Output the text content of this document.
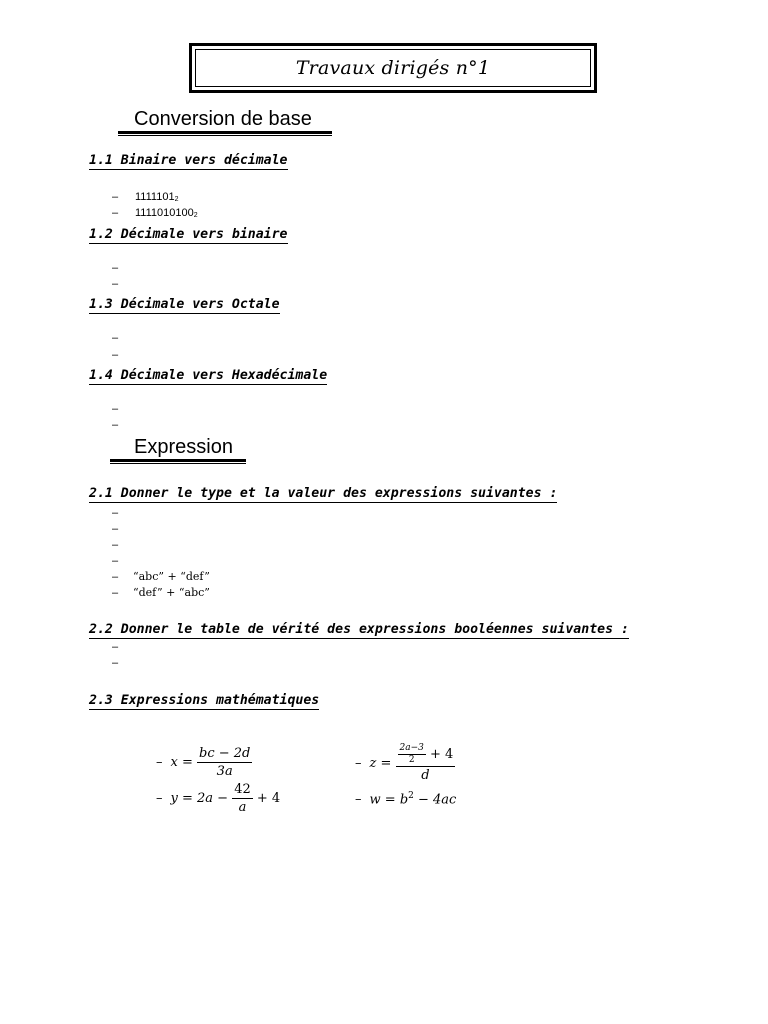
Travaux dirigés n°1
Conversion de base
1.1 Binaire vers décimale
– $1111101_2$
– $1111010100_2$
1.2 Décimale vers binaire
–
–
1.3 Décimale vers Octale
–
–
1.4 Décimale vers Hexadécimale
–
–
Expression
2.1 Donner le type et la valeur des expressions suivantes :
–
–
–
–
– “abc” + “def”
– “def” + “abc”
2.2 Donner le table de vérité des expressions booléennes suivantes :
–
–
2.3 Expressions mathématiques
– $x = \frac{bc - 2d}{3a}$	– $z = \frac{\frac{2a-3}{2} + 4}{d}$
– $y = 2a - \frac{42}{a} + 4$	– $w = b^2 - 4ac$
